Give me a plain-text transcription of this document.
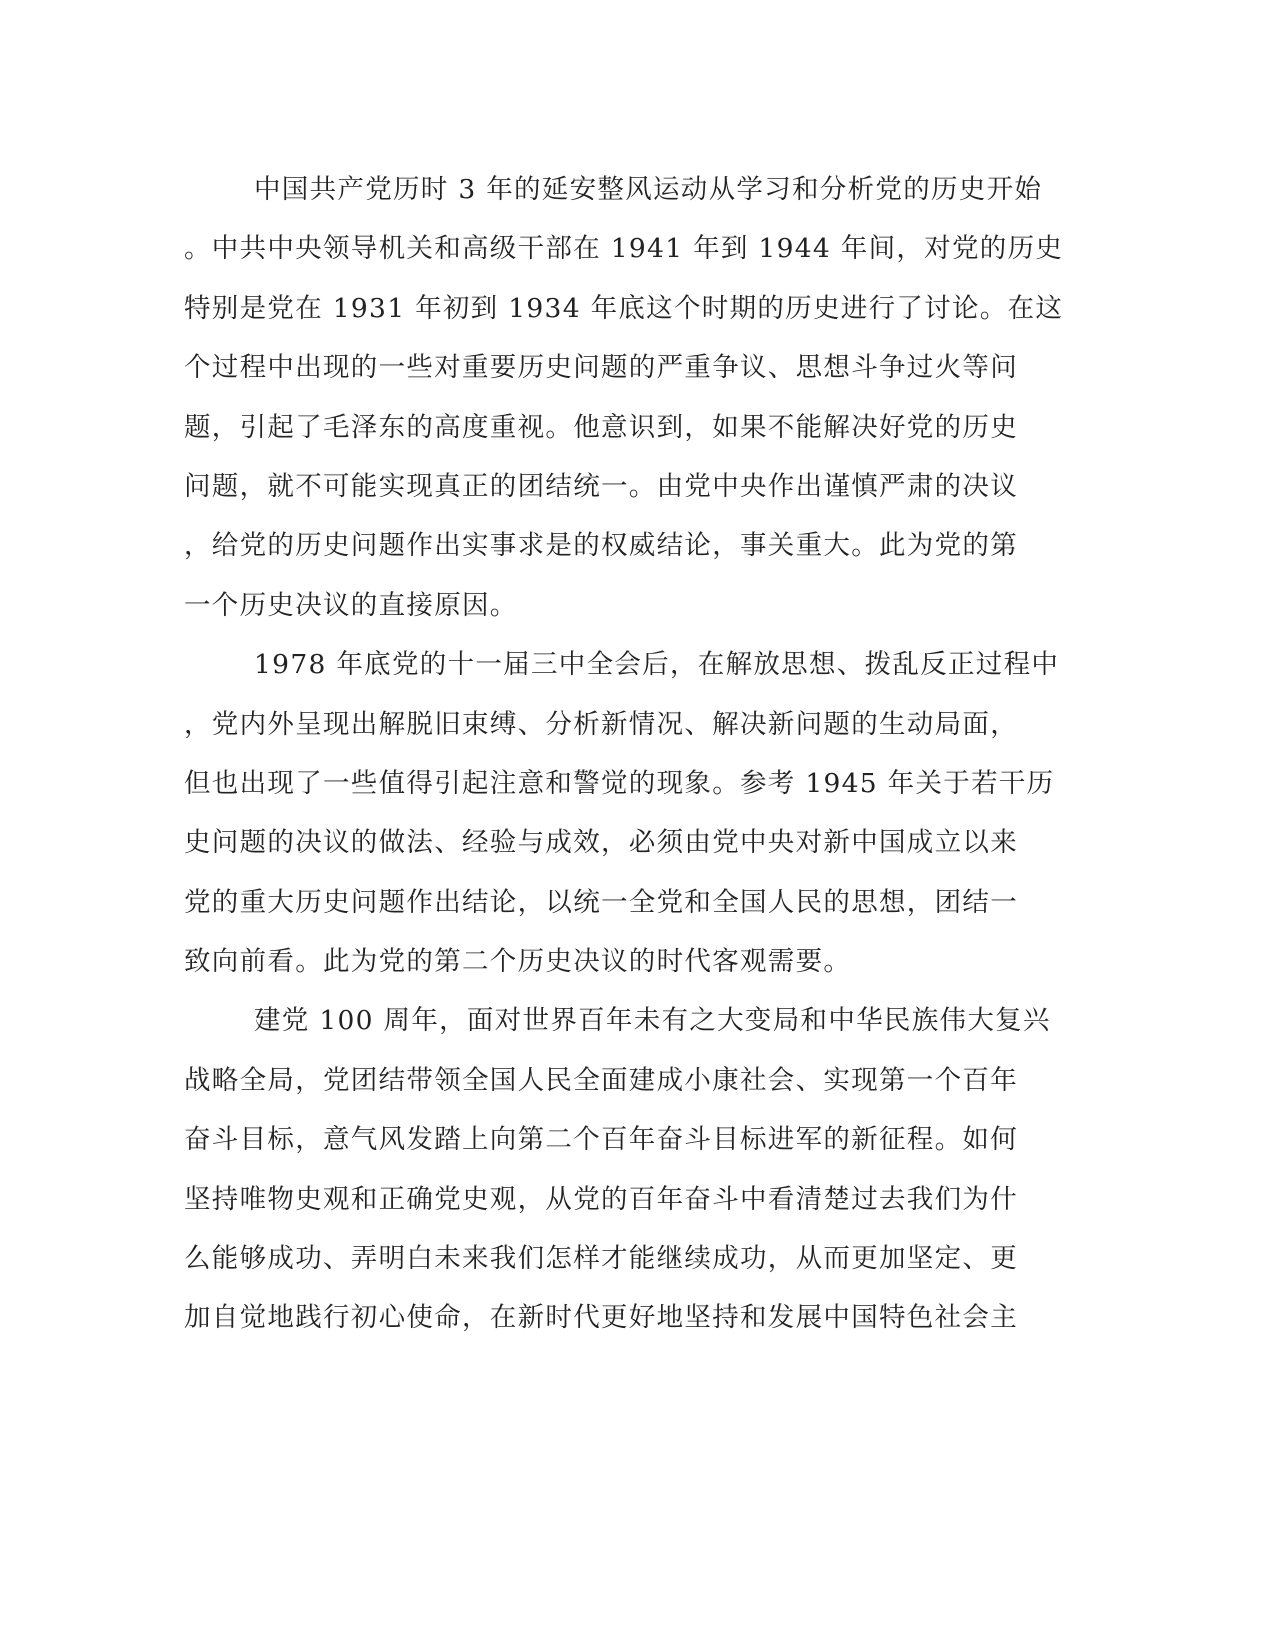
中国共产党历时 3 年的延安整风运动从学习和分析党的历史开始
。中共中央领导机关和高级干部在 1941 年到 1944 年间，对党的历史
特别是党在 1931 年初到 1934 年底这个时期的历史进行了讨论。在这
个过程中出现的一些对重要历史问题的严重争议、思想斗争过火等问
题，引起了毛泽东的高度重视。他意识到，如果不能解决好党的历史
问题，就不可能实现真正的团结统一。由党中央作出谨慎严肃的决议
，给党的历史问题作出实事求是的权威结论，事关重大。此为党的第
一个历史决议的直接原因。
1978 年底党的十一届三中全会后，在解放思想、拨乱反正过程中
，党内外呈现出解脱旧束缚、分析新情况、解决新问题的生动局面，
但也出现了一些值得引起注意和警觉的现象。参考 1945 年关于若干历
史问题的决议的做法、经验与成效，必须由党中央对新中国成立以来
党的重大历史问题作出结论，以统一全党和全国人民的思想，团结一
致向前看。此为党的第二个历史决议的时代客观需要。
建党 100 周年，面对世界百年未有之大变局和中华民族伟大复兴
战略全局，党团结带领全国人民全面建成小康社会、实现第一个百年
奋斗目标，意气风发踏上向第二个百年奋斗目标进军的新征程。如何
坚持唯物史观和正确党史观，从党的百年奋斗中看清楚过去我们为什
么能够成功、弄明白未来我们怎样才能继续成功，从而更加坚定、更
加自觉地践行初心使命，在新时代更好地坚持和发展中国特色社会主
